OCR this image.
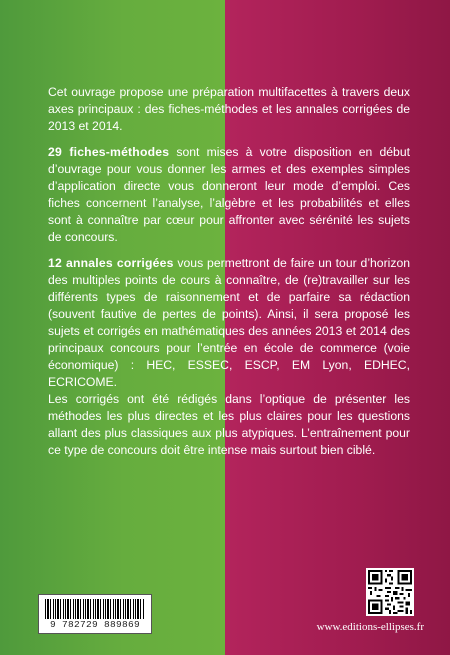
Cet ouvrage propose une préparation multifacettes à travers deux axes principaux : des fiches-méthodes et les annales corrigées de 2013 et 2014.

29 fiches-méthodes sont mises à votre disposition en début d’ouvrage pour vous donner les armes et des exemples simples d’application directe vous donneront leur mode d’emploi. Ces fiches concernent l’analyse, l’algèbre et les probabilités et elles sont à connaître par cœur pour affronter avec sérénité les sujets de concours.

12 annales corrigées vous permettront de faire un tour d’horizon des multiples points de cours à connaître, de (re)travailler sur les différents types de raisonnement et de parfaire sa rédaction (souvent fautive de pertes de points). Ainsi, il sera proposé les sujets et corrigés en mathématiques des années 2013 et 2014 des principaux concours pour l’entrée en école de commerce (voie économique) : HEC, ESSEC, ESCP, EM Lyon, EDHEC, ECRICOME.

Les corrigés ont été rédigés dans l’optique de présenter les méthodes les plus directes et les plus claires pour les questions allant des plus classiques aux plus atypiques. L’entraînement pour ce type de concours doit être intense mais surtout bien ciblé.

9 782729 889869	www.editions-ellipses.fr
